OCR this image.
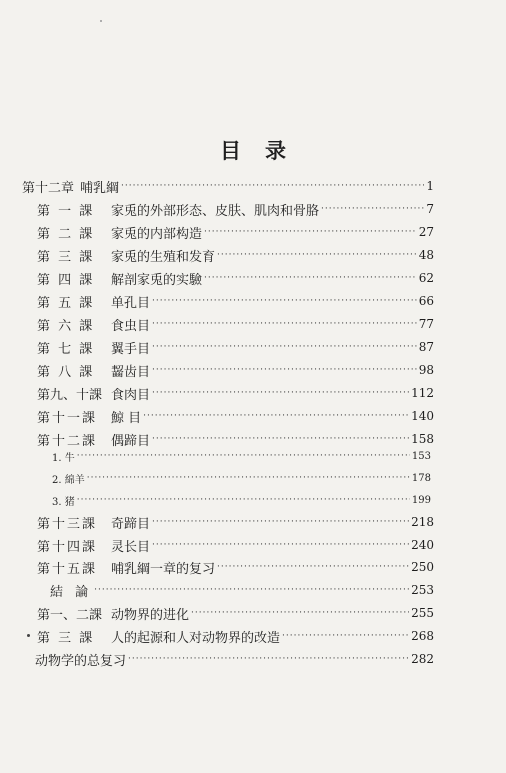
目录
第十二章 哺乳綱 ·····	1
第 一 課	家兎的外部形态、皮肤、肌肉和骨胳 ·····	7
第 二 課	家兎的内部构造 ·····	27
第 三 課	家兎的生殖和发育 ·····	48
第 四 課	解剖家兎的实驗 ·····	62
第 五 課	单孔目 ·····	66
第 六 課	食虫目 ·····	77
第 七 課	翼手目 ·····	87
第 八 課	齧齿目 ·····	98
第九、十課 食肉目 ·····	112
第十一課	鯨 目 ·····	140
第十二課	偶蹄目 ·····	158
1. 牛 ·····	153
2. 綿羊 ·····	178
3. 猪 ·····	199
第十三課	奇蹄目 ·····	218
第十四課	灵长目 ·····	240
第十五課	哺乳綱一章的复习 ·····	250
結 論 ·····	253
第一、二課 动物界的进化 ·····	255
第 三 課	人的起源和人对动物界的改造 ·····	268
动物学的总复习 ·····	282
